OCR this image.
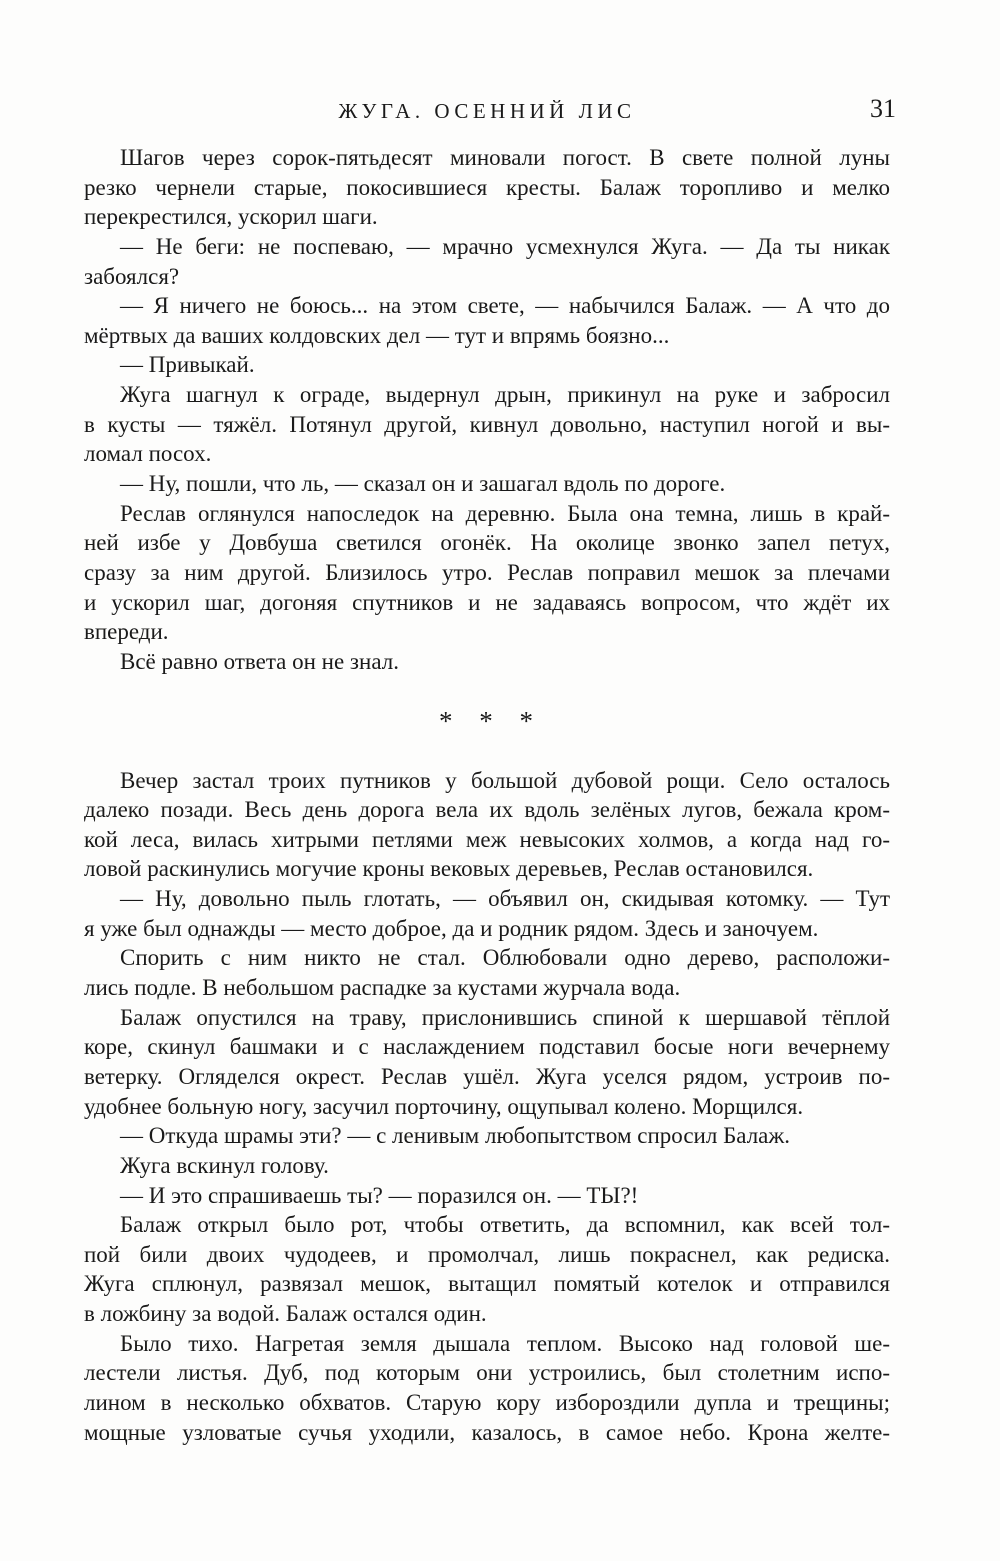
ЖУГА. ОСЕННИЙ ЛИС	31
Шагов через сорок-пятьдесят миновали погост. В свете полной луны
резко чернели старые, покосившиеся кресты. Балаж торопливо и мелко
перекрестился, ускорил шаги.
— Не беги: не поспеваю, — мрачно усмехнулся Жуга. — Да ты никак
забоялся?
— Я ничего не боюсь... на этом свете, — набычился Балаж. — А что до
мёртвых да ваших колдовских дел — тут и впрямь боязно...
— Привыкай.
Жуга шагнул к ограде, выдернул дрын, прикинул на руке и забросил
в кусты — тяжёл. Потянул другой, кивнул довольно, наступил ногой и вы-
ломал посох.
— Ну, пошли, что ль, — сказал он и зашагал вдоль по дороге.
Реслав оглянулся напоследок на деревню. Была она темна, лишь в край-
ней избе у Довбуша светился огонёк. На околице звонко запел петух,
сразу за ним другой. Близилось утро. Реслав поправил мешок за плечами
и ускорил шаг, догоняя спутников и не задаваясь вопросом, что ждёт их
впереди.
Всё равно ответа он не знал.
* * *
Вечер застал троих путников у большой дубовой рощи. Село осталось
далеко позади. Весь день дорога вела их вдоль зелёных лугов, бежала кром-
кой леса, вилась хитрыми петлями меж невысоких холмов, а когда над го-
ловой раскинулись могучие кроны вековых деревьев, Реслав остановился.
— Ну, довольно пыль глотать, — объявил он, скидывая котомку. — Тут
я уже был однажды — место доброе, да и родник рядом. Здесь и заночуем.
Спорить с ним никто не стал. Облюбовали одно дерево, расположи-
лись подле. В небольшом распадке за кустами журчала вода.
Балаж опустился на траву, прислонившись спиной к шершавой тёплой
коре, скинул башмаки и с наслаждением подставил босые ноги вечернему
ветерку. Огляделся окрест. Реслав ушёл. Жуга уселся рядом, устроив по-
удобнее больную ногу, засучил порточину, ощупывал колено. Морщился.
— Откуда шрамы эти? — с ленивым любопытством спросил Балаж.
Жуга вскинул голову.
— И это спрашиваешь ты? — поразился он. — ТЫ?!
Балаж открыл было рот, чтобы ответить, да вспомнил, как всей тол-
пой били двоих чудодеев, и промолчал, лишь покраснел, как редиска.
Жуга сплюнул, развязал мешок, вытащил помятый котелок и отправился
в ложбину за водой. Балаж остался один.
Было тихо. Нагретая земля дышала теплом. Высоко над головой ше-
лестели листья. Дуб, под которым они устроились, был столетним испо-
лином в несколько обхватов. Старую кору избороздили дупла и трещины;
мощные узловатые сучья уходили, казалось, в самое небо. Крона желте-
